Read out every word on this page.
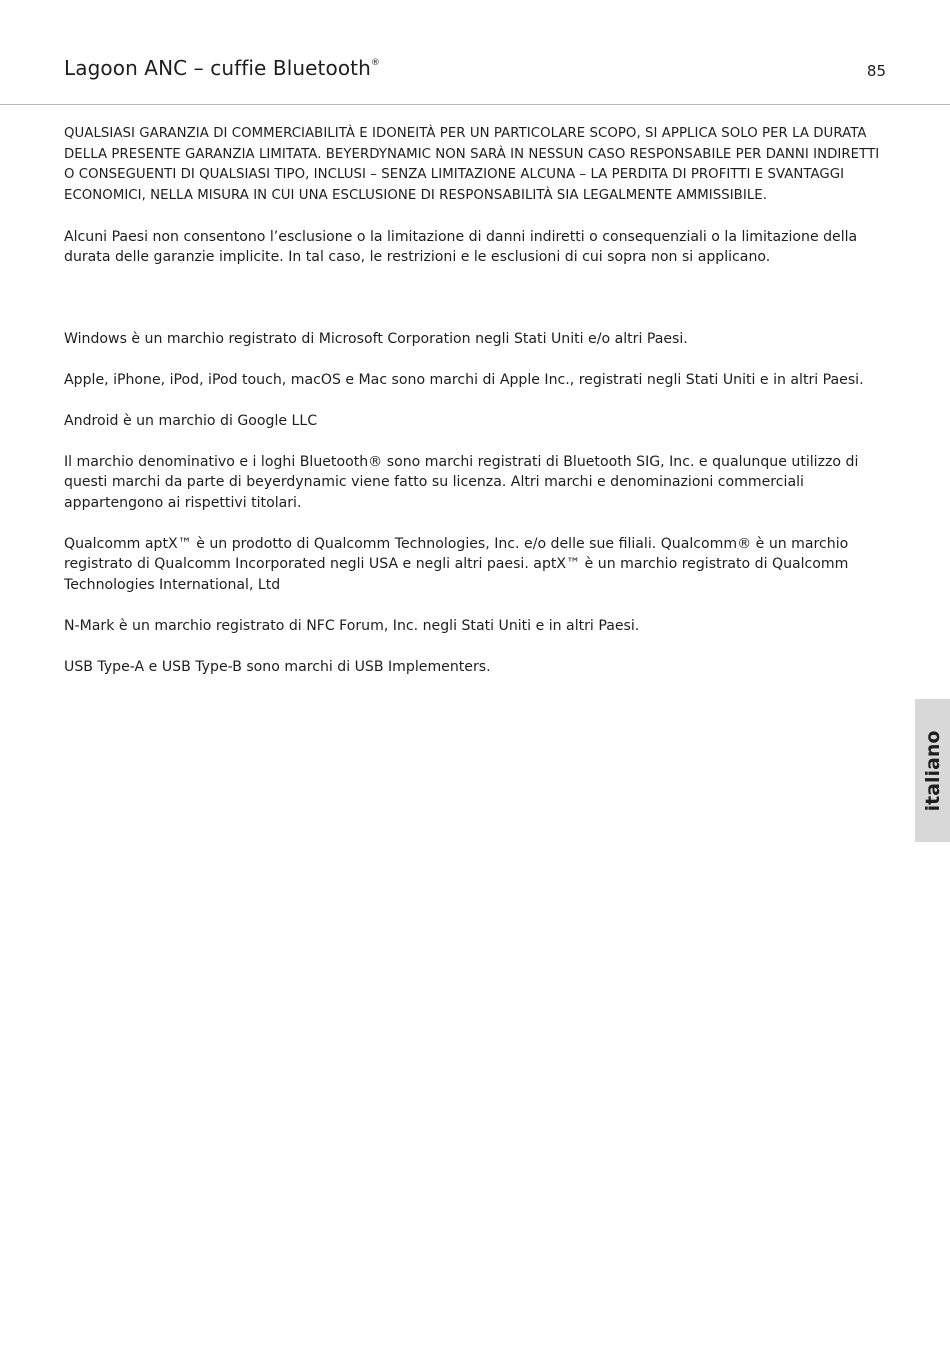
Lagoon ANC – cuffie Bluetooth®	85

QUALSIASI GARANZIA DI COMMERCIABILITÀ E IDONEITÀ PER UN PARTICOLARE SCOPO, SI APPLICA SOLO PER LA DURATA DELLA PRESENTE GARANZIA LIMITATA. BEYERDYNAMIC NON SARÀ IN NESSUN CASO RESPONSABILE PER DANNI INDIRETTI O CONSEGUENTI DI QUALSIASI TIPO, INCLUSI – SENZA LIMITAZIONE ALCUNA – LA PERDITA DI PROFITTI E SVANTAGGI ECONOMICI, NELLA MISURA IN CUI UNA ESCLUSIONE DI RESPONSABILITÀ SIA LEGALMENTE AMMISSIBILE.

Alcuni Paesi non consentono l’esclusione o la limitazione di danni indiretti o consequenziali o la limitazione della durata delle garanzie implicite. In tal caso, le restrizioni e le esclusioni di cui sopra non si applicano.

Windows è un marchio registrato di Microsoft Corporation negli Stati Uniti e/o altri Paesi.

Apple, iPhone, iPod, iPod touch, macOS e Mac sono marchi di Apple Inc., registrati negli Stati Uniti e in altri Paesi.

Android è un marchio di Google LLC

Il marchio denominativo e i loghi Bluetooth® sono marchi registrati di Bluetooth SIG, Inc. e qualunque utilizzo di questi marchi da parte di beyerdynamic viene fatto su licenza. Altri marchi e denominazioni commerciali appartengono ai rispettivi titolari.

Qualcomm aptX™ è un prodotto di Qualcomm Technologies, Inc. e/o delle sue filiali. Qualcomm® è un marchio registrato di Qualcomm Incorporated negli USA e negli altri paesi. aptX™ è un marchio registrato di Qualcomm Technologies International, Ltd

N-Mark è un marchio registrato di NFC Forum, Inc. negli Stati Uniti e in altri Paesi.

USB Type-A e USB Type-B sono marchi di USB Implementers.

italiano
